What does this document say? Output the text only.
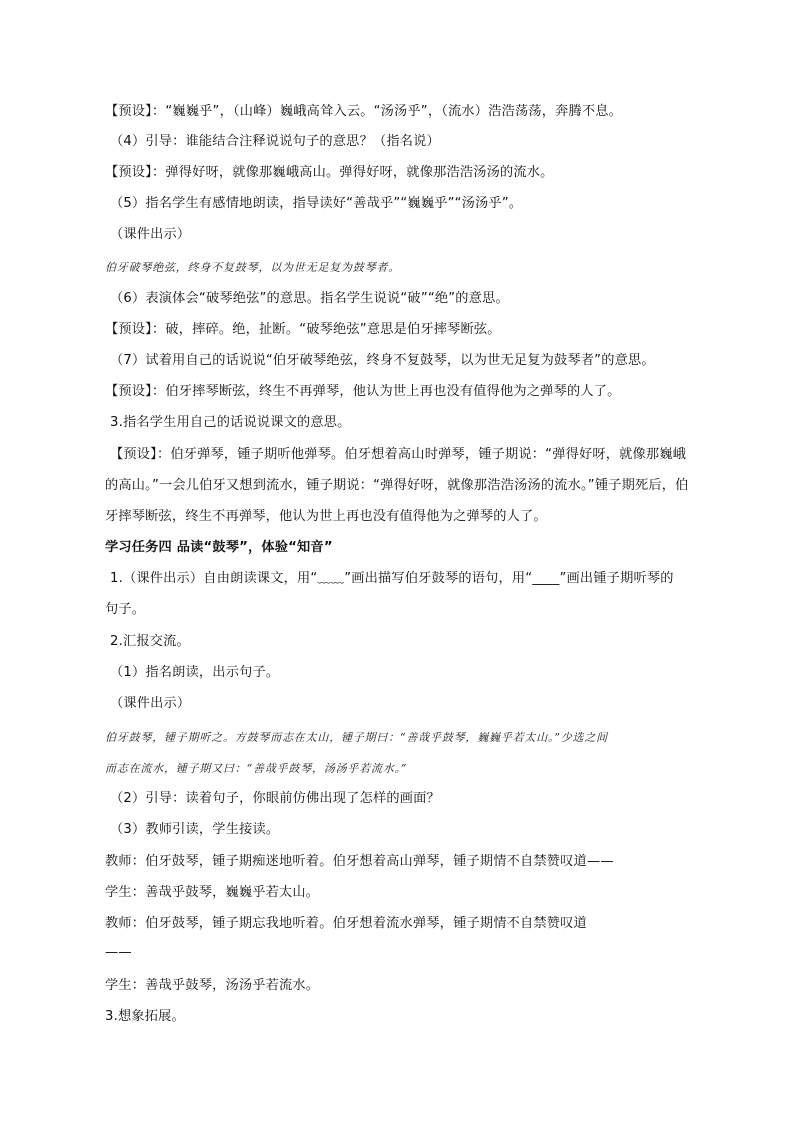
【预设】：“巍巍乎”，（山峰）巍峨高耸入云。“汤汤乎”，（流水）浩浩荡荡，奔腾不息。
（4）引导：谁能结合注释说说句子的意思？（指名说）
【预设】：弹得好呀，就像那巍峨高山。弹得好呀，就像那浩浩汤汤的流水。
（5）指名学生有感情地朗读，指导读好“善哉乎”“巍巍乎”“汤汤乎”。
（课件出示）
伯牙破琴绝弦，终身不复鼓琴，以为世无足复为鼓琴者。
（6）表演体会“破琴绝弦”的意思。指名学生说说“破”“绝”的意思。
【预设】：破，摔碎。绝，扯断。“破琴绝弦”意思是伯牙摔琴断弦。
（7）试着用自己的话说说“伯牙破琴绝弦，终身不复鼓琴，以为世无足复为鼓琴者”的意思。
【预设】：伯牙摔琴断弦，终生不再弹琴，他认为世上再也没有值得他为之弹琴的人了。
3.指名学生用自己的话说说课文的意思。
【预设】：伯牙弹琴，锺子期听他弹琴。伯牙想着高山时弹琴，锺子期说：“弹得好呀，就像那巍峨
的高山。”一会儿伯牙又想到流水，锺子期说：“弹得好呀，就像那浩浩汤汤的流水。”锺子期死后，伯
牙摔琴断弦，终生不再弹琴，他认为世上再也没有值得他为之弹琴的人了。
学习任务四 品读“鼓琴”，体验“知音”
1.（课件出示）自由朗读课文，用“﹏﹏”画出描写伯牙鼓琴的语句，用“____”画出锺子期听琴的
句子。
2.汇报交流。
（1）指名朗读，出示句子。
（课件出示）
伯牙鼓琴，锺子期听之。方鼓琴而志在太山，锺子期曰：“善哉乎鼓琴，巍巍乎若太山。”少选之间
而志在流水，锺子期又曰：“善哉乎鼓琴，汤汤乎若流水。”
（2）引导：读着句子，你眼前仿佛出现了怎样的画面？
（3）教师引读，学生接读。
教师：伯牙鼓琴，锺子期痴迷地听着。伯牙想着高山弹琴，锺子期情不自禁赞叹道——
学生：善哉乎鼓琴，巍巍乎若太山。
教师：伯牙鼓琴，锺子期忘我地听着。伯牙想着流水弹琴，锺子期情不自禁赞叹道
——
学生：善哉乎鼓琴，汤汤乎若流水。
3.想象拓展。
